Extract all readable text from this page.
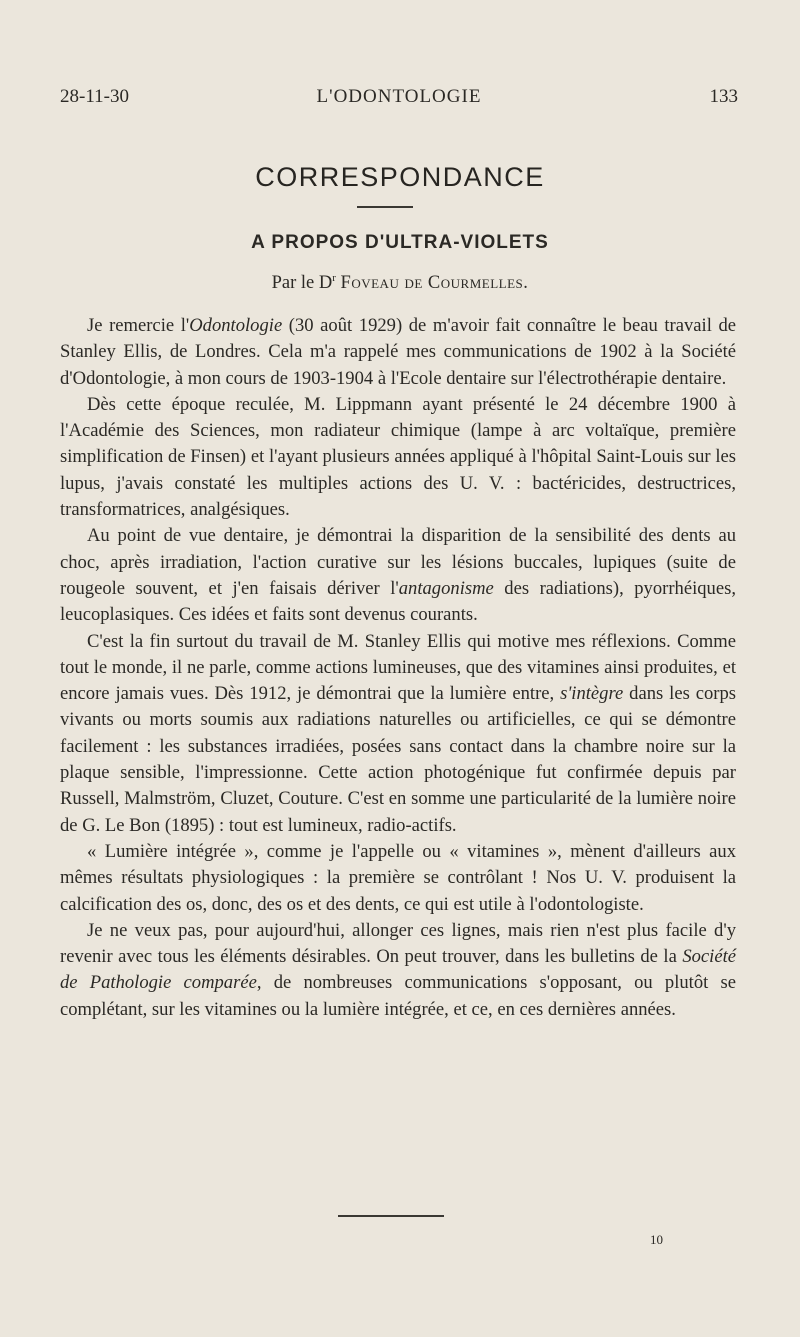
28-11-30	L'ODONTOLOGIE	133
CORRESPONDANCE
A PROPOS D'ULTRA-VIOLETS
Par le $D^r$ Foveau de Courmelles.

Je remercie l'Odontologie (30 août 1929) de m'avoir fait connaître le beau travail de Stanley Ellis, de Londres. Cela m'a rappelé mes communications de 1902 à la Société d'Odontologie, à mon cours de 1903-1904 à l'Ecole dentaire sur l'électrothérapie dentaire.

Dès cette époque reculée, M. Lippmann ayant présenté le 24 décembre 1900 à l'Académie des Sciences, mon radiateur chimique (lampe à arc voltaïque, première simplification de Finsen) et l'ayant plusieurs années appliqué à l'hôpital Saint-Louis sur les lupus, j'avais constaté les multiples actions des U. V. : bactéricides, destructrices, transformatrices, analgésiques.

Au point de vue dentaire, je démontrai la disparition de la sensibilité des dents au choc, après irradiation, l'action curative sur les lésions buccales, lupiques (suite de rougeole souvent, et j'en faisais dériver l'antagonisme des radiations), pyorrhéiques, leucoplasiques. Ces idées et faits sont devenus courants.

C'est la fin surtout du travail de M. Stanley Ellis qui motive mes réflexions. Comme tout le monde, il ne parle, comme actions lumineuses, que des vitamines ainsi produites, et encore jamais vues. Dès 1912, je démontrai que la lumière entre, s'intègre dans les corps vivants ou morts soumis aux radiations naturelles ou artificielles, ce qui se démontre facilement : les substances irradiées, posées sans contact dans la chambre noire sur la plaque sensible, l'impressionne. Cette action photogénique fut confirmée depuis par Russell, Malmström, Cluzet, Couture. C'est en somme une particularité de la lumière noire de G. Le Bon (1895) : tout est lumineux, radio-actifs.

« Lumière intégrée », comme je l'appelle ou « vitamines », mènent d'ailleurs aux mêmes résultats physiologiques : la première se contrôlant ! Nos U. V. produisent la calcification des os, donc, des os et des dents, ce qui est utile à l'odontologiste.

Je ne veux pas, pour aujourd'hui, allonger ces lignes, mais rien n'est plus facile d'y revenir avec tous les éléments désirables. On peut trouver, dans les bulletins de la Société de Pathologie comparée, de nombreuses communications s'opposant, ou plutôt se complétant, sur les vitamines ou la lumière intégrée, et ce, en ces dernières années.

10
